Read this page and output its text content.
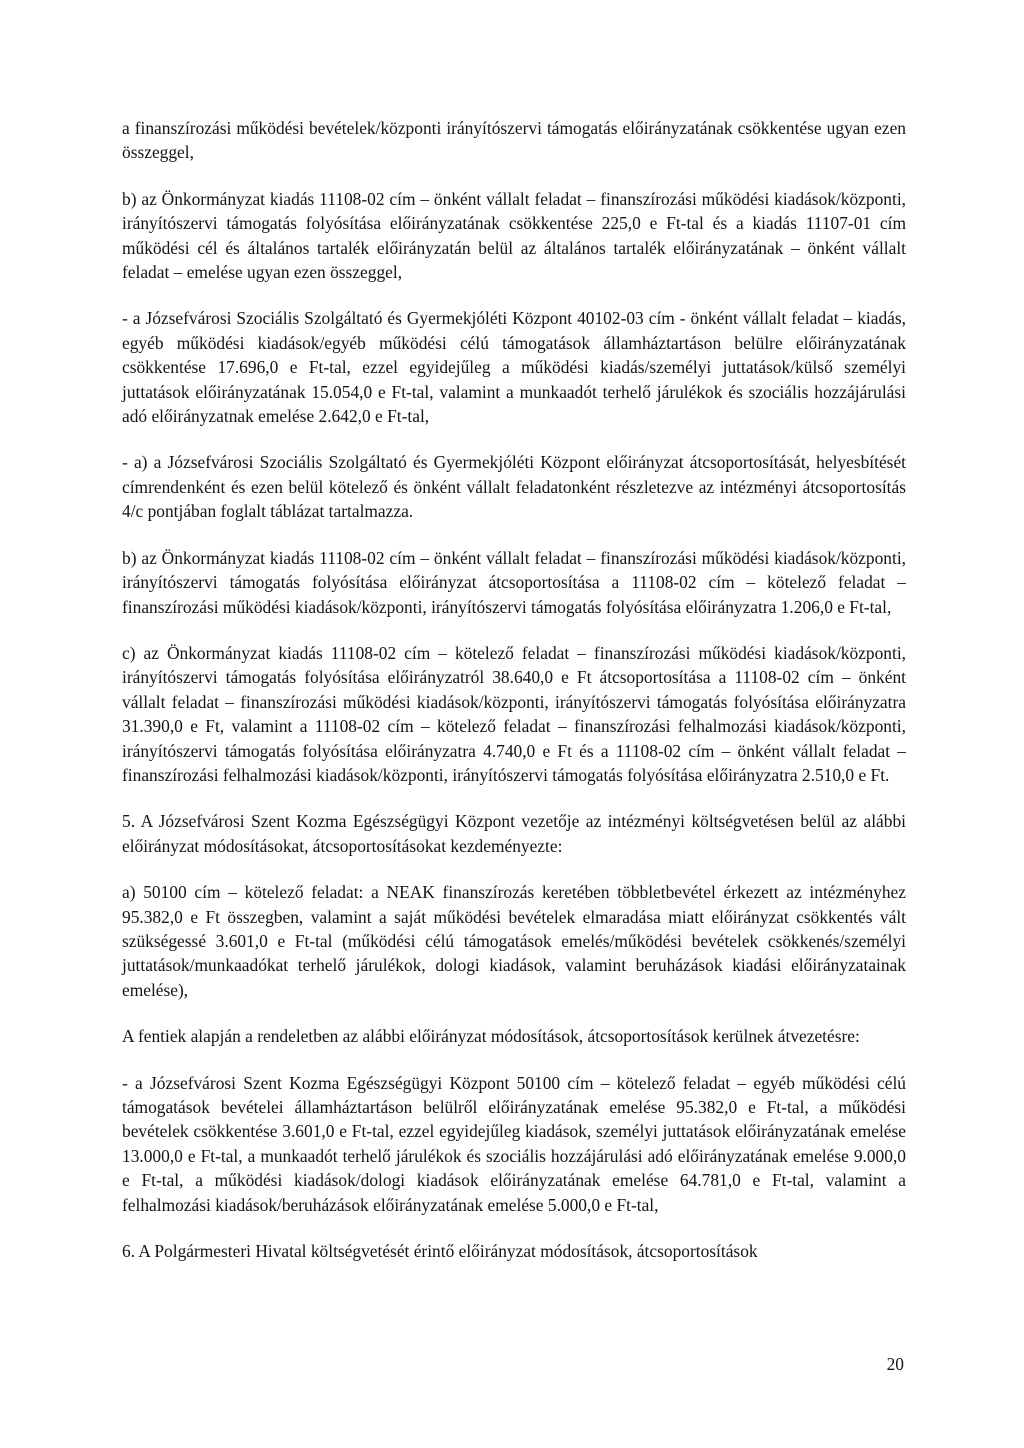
a finanszírozási működési bevételek/központi irányítószervi támogatás előirányzatának csökkentése ugyan ezen összeggel,

b) az Önkormányzat kiadás 11108-02 cím – önként vállalt feladat – finanszírozási működési kiadások/központi, irányítószervi támogatás folyósítása előirányzatának csökkentése 225,0 e Ft-tal és a kiadás 11107-01 cím működési cél és általános tartalék előirányzatán belül az általános tartalék előirányzatának – önként vállalt feladat – emelése ugyan ezen összeggel,

- a Józsefvárosi Szociális Szolgáltató és Gyermekjóléti Központ 40102-03 cím - önként vállalt feladat – kiadás, egyéb működési kiadások/egyéb működési célú támogatások államháztartáson belülre előirányzatának csökkentése 17.696,0 e Ft-tal, ezzel egyidejűleg a működési kiadás/személyi juttatások/külső személyi juttatások előirányzatának 15.054,0 e Ft-tal, valamint a munkaadót terhelő járulékok és szociális hozzájárulási adó előirányzatnak emelése 2.642,0 e Ft-tal,

- a) a Józsefvárosi Szociális Szolgáltató és Gyermekjóléti Központ előirányzat átcsoportosítását, helyesbítését címrendenként és ezen belül kötelező és önként vállalt feladatonként részletezve az intézményi átcsoportosítás 4/c pontjában foglalt táblázat tartalmazza.

b) az Önkormányzat kiadás 11108-02 cím – önként vállalt feladat – finanszírozási működési kiadások/központi, irányítószervi támogatás folyósítása előirányzat átcsoportosítása a 11108-02 cím – kötelező feladat – finanszírozási működési kiadások/központi, irányítószervi támogatás folyósítása előirányzatra 1.206,0 e Ft-tal,

c) az Önkormányzat kiadás 11108-02 cím – kötelező feladat – finanszírozási működési kiadások/központi, irányítószervi támogatás folyósítása előirányzatról 38.640,0 e Ft átcsoportosítása a 11108-02 cím – önként vállalt feladat – finanszírozási működési kiadások/központi, irányítószervi támogatás folyósítása előirányzatra 31.390,0 e Ft, valamint a 11108-02 cím – kötelező feladat – finanszírozási felhalmozási kiadások/központi, irányítószervi támogatás folyósítása előirányzatra 4.740,0 e Ft és a 11108-02 cím – önként vállalt feladat – finanszírozási felhalmozási kiadások/központi, irányítószervi támogatás folyósítása előirányzatra 2.510,0 e Ft.

5. A Józsefvárosi Szent Kozma Egészségügyi Központ vezetője az intézményi költségvetésen belül az alábbi előirányzat módosításokat, átcsoportosításokat kezdeményezte:

a) 50100 cím – kötelező feladat: a NEAK finanszírozás keretében többletbevétel érkezett az intézményhez 95.382,0 e Ft összegben, valamint a saját működési bevételek elmaradása miatt előirányzat csökkentés vált szükségessé 3.601,0 e Ft-tal (működési célú támogatások emelés/működési bevételek csökkenés/személyi juttatások/munkaadókat terhelő járulékok, dologi kiadások, valamint beruházások kiadási előirányzatainak emelése),

A fentiek alapján a rendeletben az alábbi előirányzat módosítások, átcsoportosítások kerülnek átvezetésre:

- a Józsefvárosi Szent Kozma Egészségügyi Központ 50100 cím – kötelező feladat – egyéb működési célú támogatások bevételei államháztartáson belülről előirányzatának emelése 95.382,0 e Ft-tal, a működési bevételek csökkentése 3.601,0 e Ft-tal, ezzel egyidejűleg kiadások, személyi juttatások előirányzatának emelése 13.000,0 e Ft-tal, a munkaadót terhelő járulékok és szociális hozzájárulási adó előirányzatának emelése 9.000,0 e Ft-tal, a működési kiadások/dologi kiadások előirányzatának emelése 64.781,0 e Ft-tal, valamint a felhalmozási kiadások/beruházások előirányzatának emelése 5.000,0 e Ft-tal,

6. A Polgármesteri Hivatal költségvetését érintő előirányzat módosítások, átcsoportosítások

20
